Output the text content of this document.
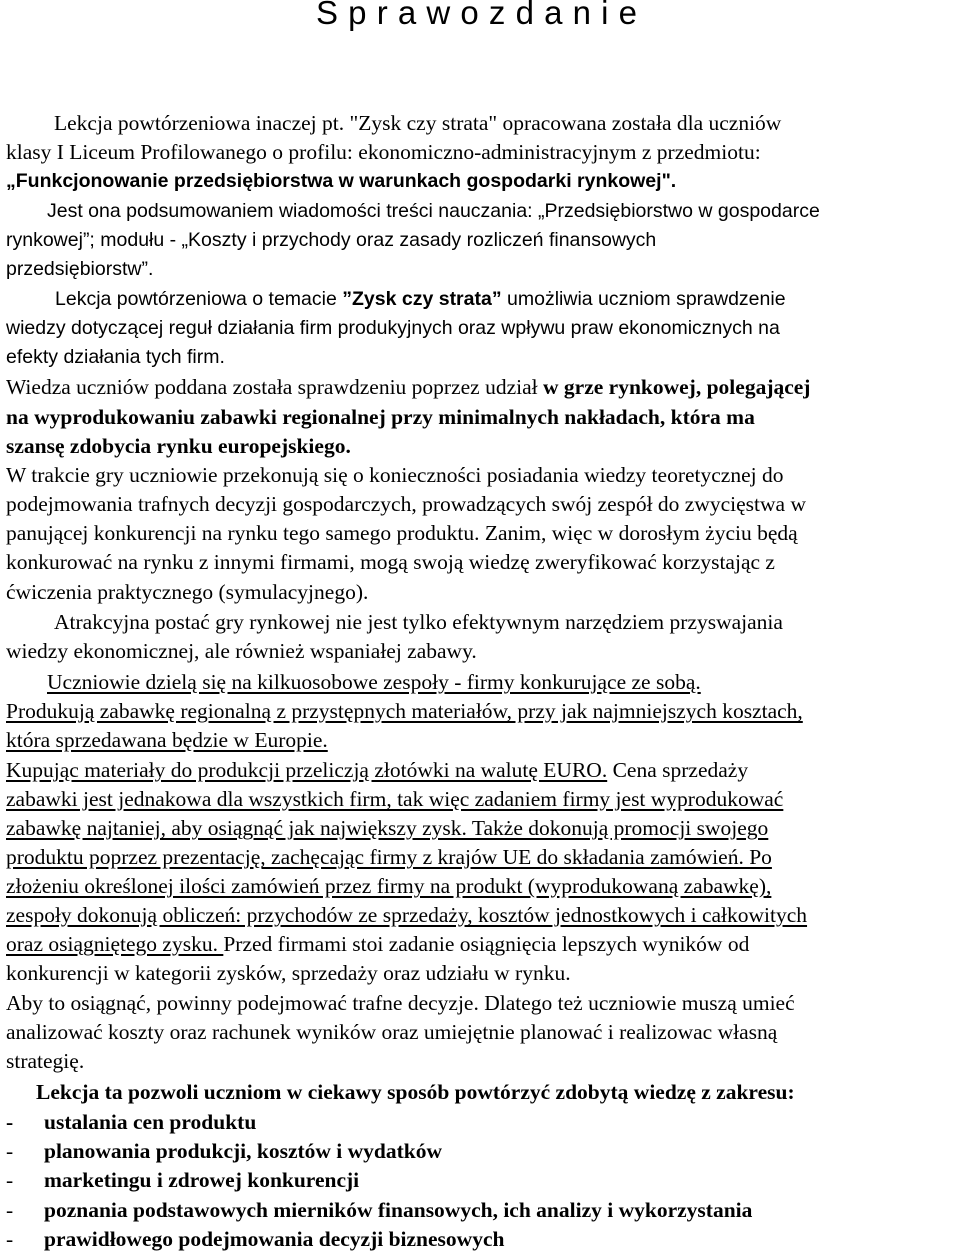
S p r a w o z d a n i e
Lekcja powtórzeniowa inaczej pt. "Zysk czy strata" opracowana została dla uczniów
klasy I Liceum Profilowanego o profilu: ekonomiczno-administracyjnym z przedmiotu:
„Funkcjonowanie przedsiębiorstwa w warunkach gospodarki rynkowej".
Jest ona podsumowaniem wiadomości treści nauczania: „Przedsiębiorstwo w gospodarce
rynkowej”; modułu - „Koszty i przychody oraz zasady rozliczeń finansowych
przedsiębiorstw”.
Lekcja powtórzeniowa o temacie ”Zysk czy strata” umożliwia uczniom sprawdzenie
wiedzy dotyczącej reguł działania firm produkyjnych oraz wpływu praw ekonomicznych na
efekty działania tych firm.
Wiedza uczniów poddana została sprawdzeniu poprzez udział w grze rynkowej, polegającej
na wyprodukowaniu zabawki regionalnej przy minimalnych nakładach, która ma
szansę zdobycia rynku europejskiego.
W trakcie gry uczniowie przekonują się o konieczności posiadania wiedzy teoretycznej do
podejmowania trafnych decyzji gospodarczych, prowadzących swój zespół do zwycięstwa w
panującej konkurencji na rynku tego samego produktu. Zanim, więc w dorosłym życiu będą
konkurować na rynku z innymi firmami, mogą swoją wiedzę zweryfikować korzystając z
ćwiczenia praktycznego (symulacyjnego).
Atrakcyjna postać gry rynkowej nie jest tylko efektywnym narzędziem przyswajania
wiedzy ekonomicznej, ale również wspaniałej zabawy.
Uczniowie dzielą się na kilkuosobowe zespoły - firmy konkurujące ze sobą.
Produkują zabawkę regionalną z przystępnych materiałów, przy jak najmniejszych kosztach,
która sprzedawana będzie w Europie.
Kupując materiały do produkcji przeliczją złotówki na walutę EURO. Cena sprzedaży
zabawki jest jednakowa dla wszystkich firm, tak więc zadaniem firmy jest wyprodukować
zabawkę najtaniej, aby osiągnąć jak największy zysk. Także dokonują promocji swojego
produktu poprzez prezentację, zachęcając firmy z krajów UE do składania zamówień. Po
złożeniu określonej ilości zamówień przez firmy na produkt (wyprodukowaną zabawkę),
zespoły dokonują obliczeń: przychodów ze sprzedaży, kosztów jednostkowych i całkowitych
oraz osiągniętego zysku. Przed firmami stoi zadanie osiągnięcia lepszych wyników od
konkurencji w kategorii zysków, sprzedaży oraz udziału w rynku.
Aby to osiągnąć, powinny podejmować trafne decyzje. Dlatego też uczniowie muszą umieć
analizować koszty oraz rachunek wyników oraz umiejętnie planować i realizowac własną
strategię.
Lekcja ta pozwoli uczniom w ciekawy sposób powtórzyć zdobytą wiedzę z zakresu:
- ustalania cen produktu
- planowania produkcji, kosztów i wydatków
- marketingu i zdrowej konkurencji
- poznania podstawowych mierników finansowych, ich analizy i wykorzystania
- prawidłowego podejmowania decyzji biznesowych
